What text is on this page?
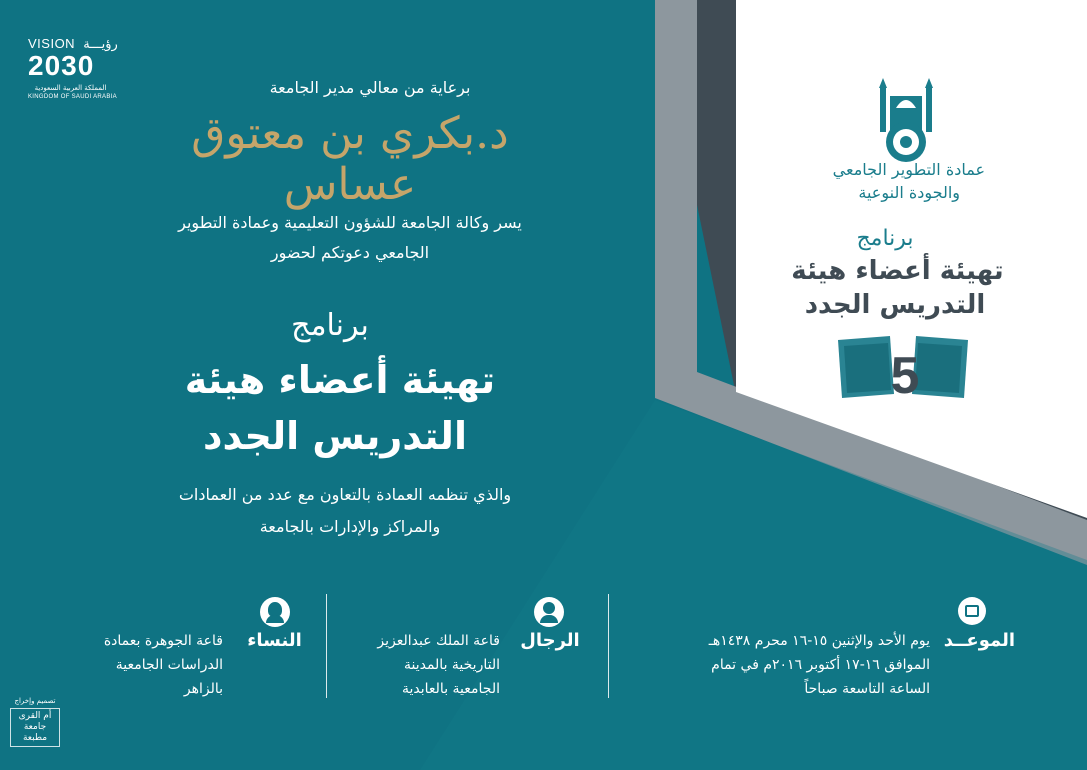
VISION رؤيـــة
2030
المملكة العربية السعودية
KINGDOM OF SAUDI ARABIA	برعاية من معالي مدير الجامعة
د.بكري بن معتوق عساس
يسر وكالة الجامعة للشؤون التعليمية وعمادة التطوير
الجامعي دعوتكم لحضور
برنامج
تهيئة أعضاء هيئة
التدريس الجدد
والذي تنظمه العمادة بالتعاون مع عدد من العمادات
والمراكز والإدارات بالجامعة
الموعــد
يوم الأحد والإثنين ١٥-١٦ محرم ١٤٣٨هـ
الموافق ١٦-١٧ أكتوبر ٢٠١٦م في تمام
الساعة التاسعة صباحاً
الرجال
قاعة الملك عبدالعزيز
التاريخية بالمدينة
الجامعية بالعابدية
النساء
قاعة الجوهرة بعمادة
الدراسات الجامعية
بالزاهر
عمادة التطوير الجامعي
والجودة النوعية
برنامج
تهيئة أعضاء هيئة
التدريس الجدد
5
تصميم وإخراج
أم القرى
جامعة
مطبعة
